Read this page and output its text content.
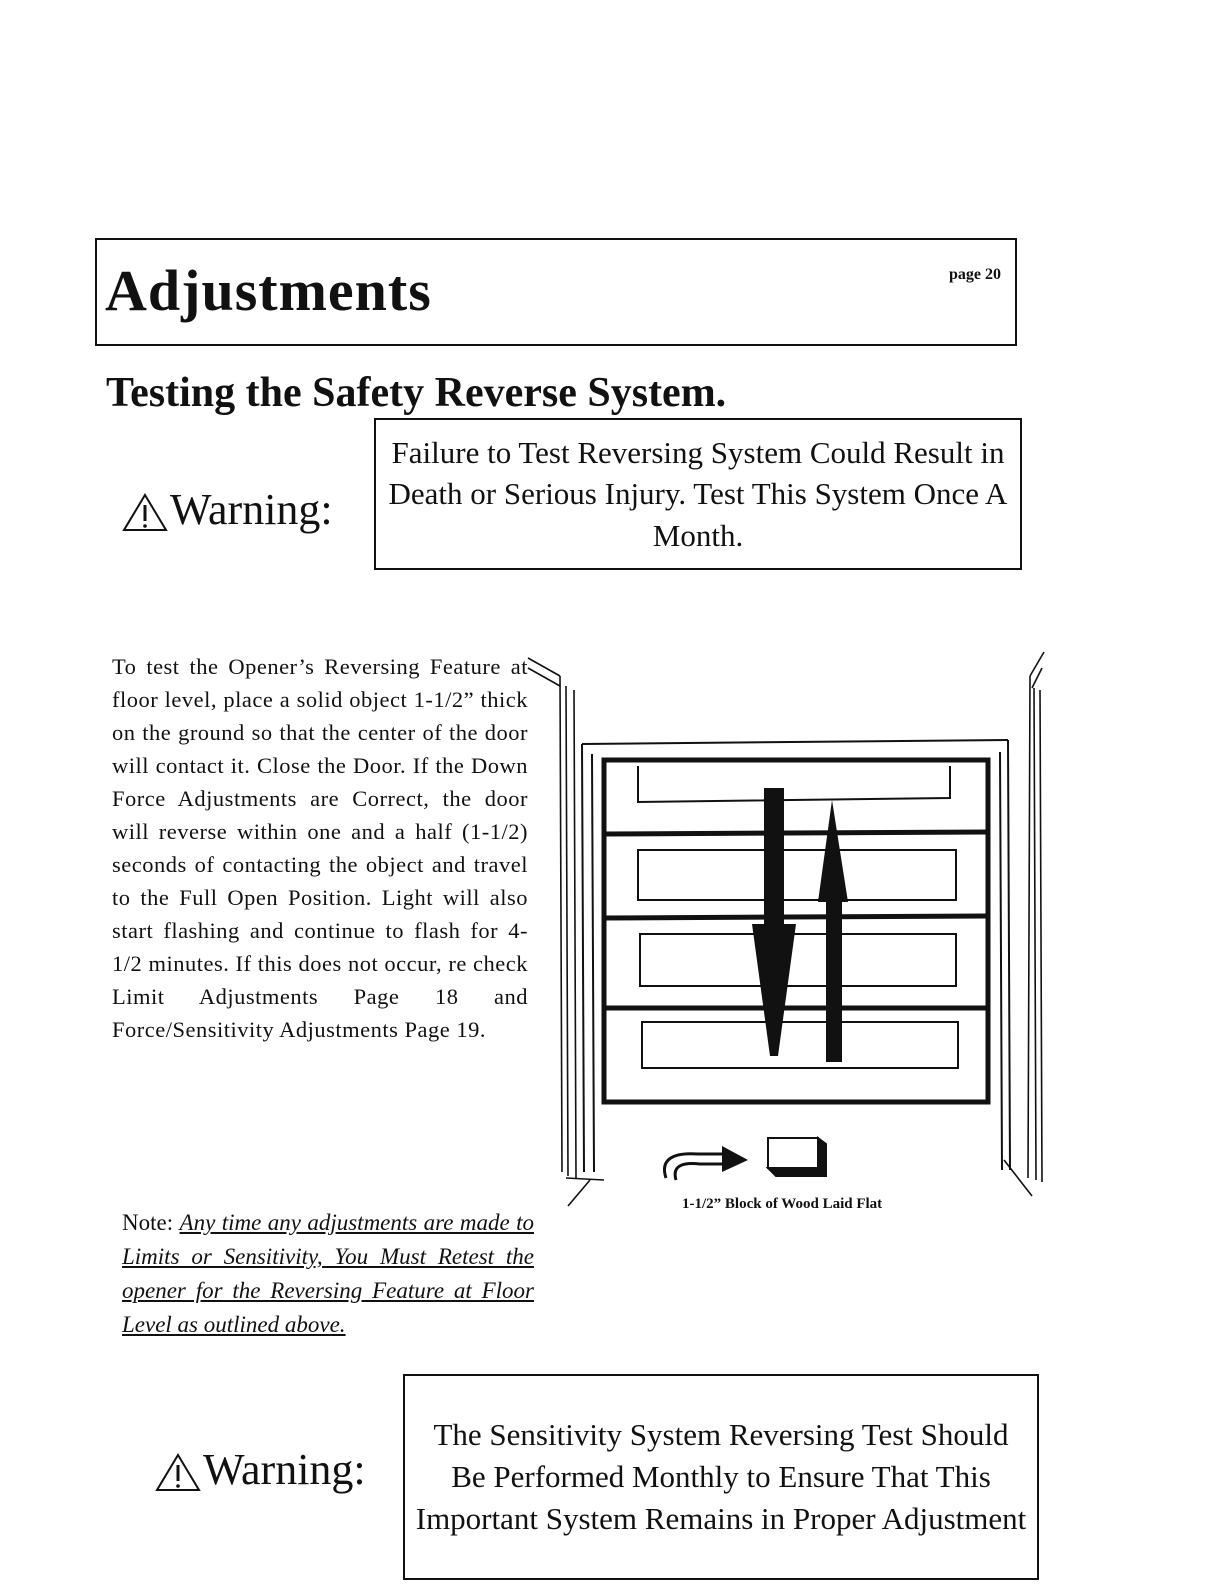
Adjustments	page 20
Testing the Safety Reverse System.
Warning:
Failure to Test Reversing System Could Result in Death or Serious Injury. Test This System Once A Month.
To test the Opener’s Reversing Feature at floor level, place a solid object 1-1/2” thick on the ground so that the center of the door will contact it. Close the Door. If the Down Force Adjustments are Correct, the door will reverse within one and a half (1-1/2) seconds of contacting the object and travel to the Full Open Position. Light will also start flashing and continue to flash for 4-1/2 minutes. If this does not occur, re check Limit Adjustments Page 18 and Force/Sensitivity Adjustments Page 19.
Note: Any time any adjustments are made to Limits or Sensitivity, You Must Retest the opener for the Reversing Feature at Floor Level as outlined above.
1-1/2” Block of Wood Laid Flat
Warning:
The Sensitivity System Reversing Test Should Be Performed Monthly to Ensure That This Important System Remains in Proper Adjustment
